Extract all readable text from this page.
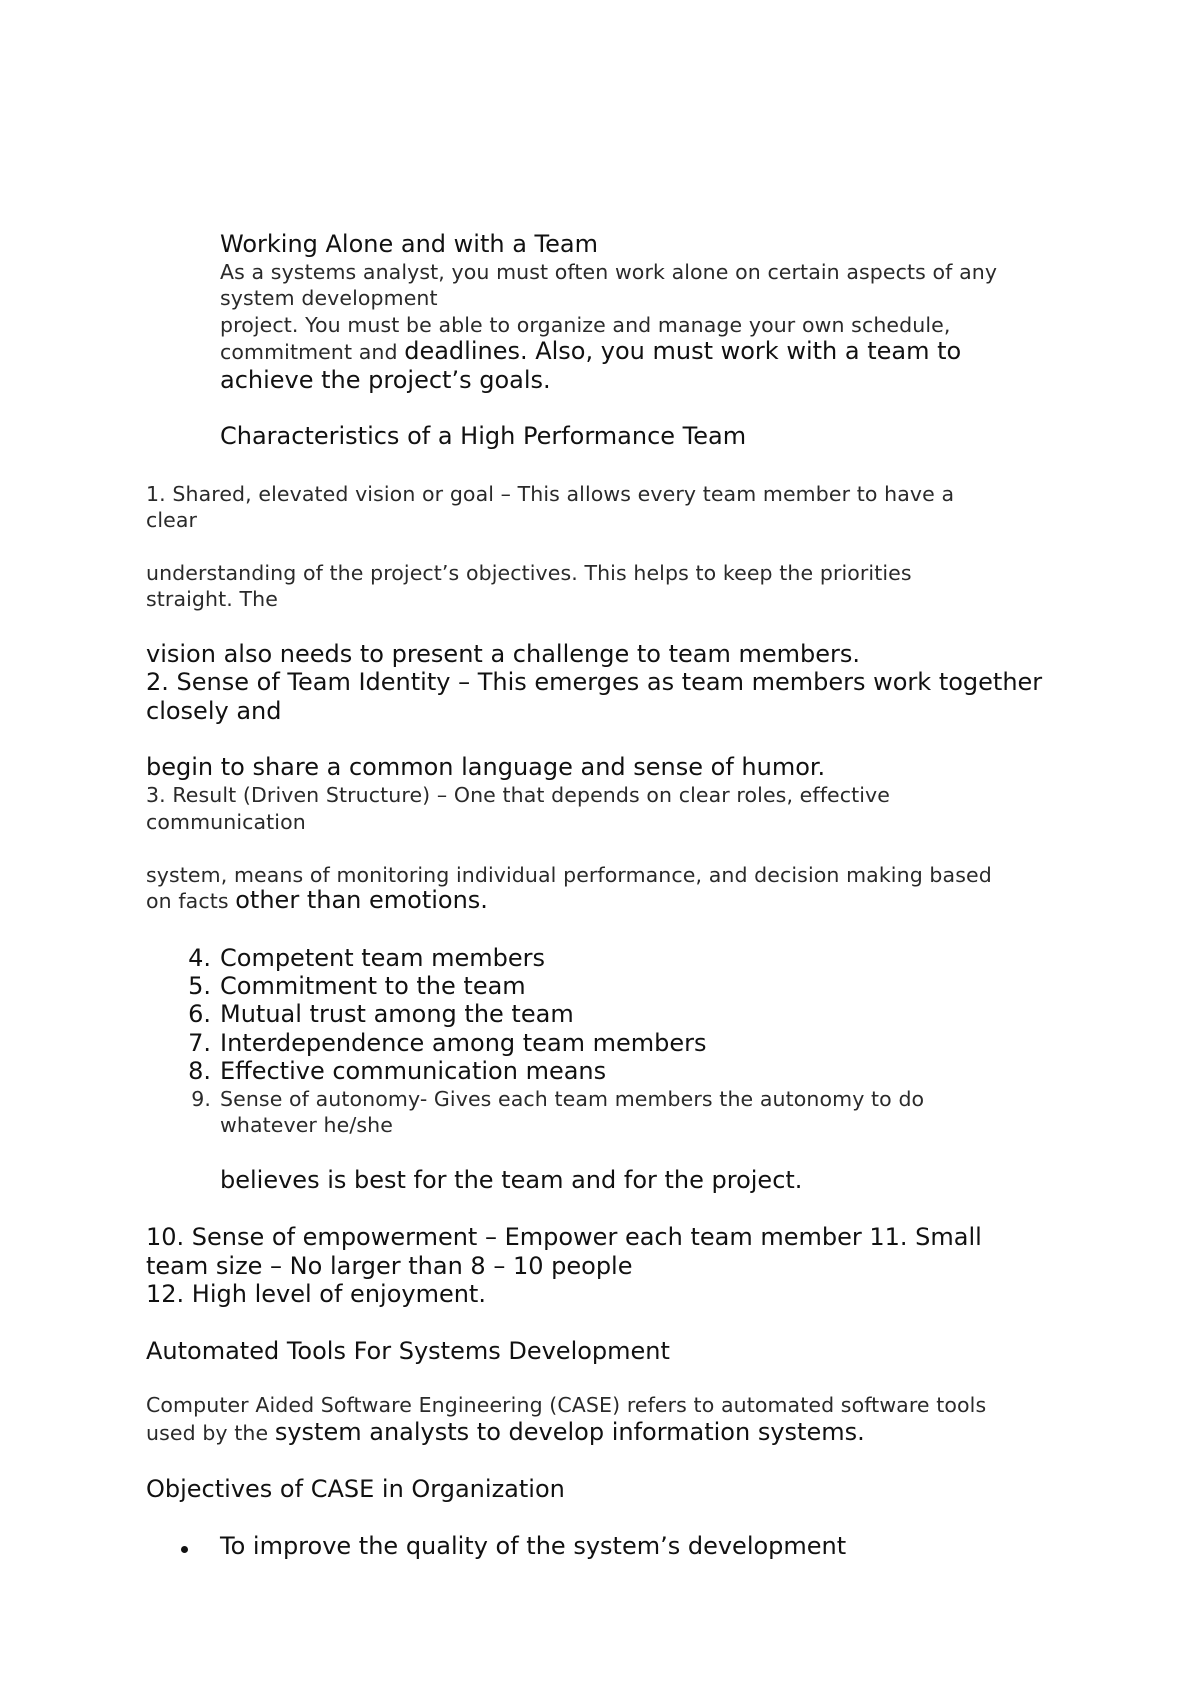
Working Alone and with a Team
As a systems analyst, you must often work alone on certain aspects of any
system development
project. You must be able to organize and manage your own schedule,
commitment and deadlines. Also, you must work with a team to
achieve the project’s goals.
Characteristics of a High Performance Team
1. Shared, elevated vision or goal – This allows every team member to have a
clear
understanding of the project’s objectives. This helps to keep the priorities
straight. The
vision also needs to present a challenge to team members.
2. Sense of Team Identity – This emerges as team members work together
closely and
begin to share a common language and sense of humor.
3. Result (Driven Structure) – One that depends on clear roles, effective
communication
system, means of monitoring individual performance, and decision making based
on facts other than emotions.
4. Competent team members
5. Commitment to the team
6. Mutual trust among the team
7. Interdependence among team members
8. Effective communication means
9. Sense of autonomy- Gives each team members the autonomy to do
whatever he/she
believes is best for the team and for the project.
10. Sense of empowerment – Empower each team member 11. Small
team size – No larger than 8 – 10 people
12. High level of enjoyment.
Automated Tools For Systems Development
Computer Aided Software Engineering (CASE) refers to automated software tools
used by the system analysts to develop information systems.
Objectives of CASE in Organization
To improve the quality of the system’s development
